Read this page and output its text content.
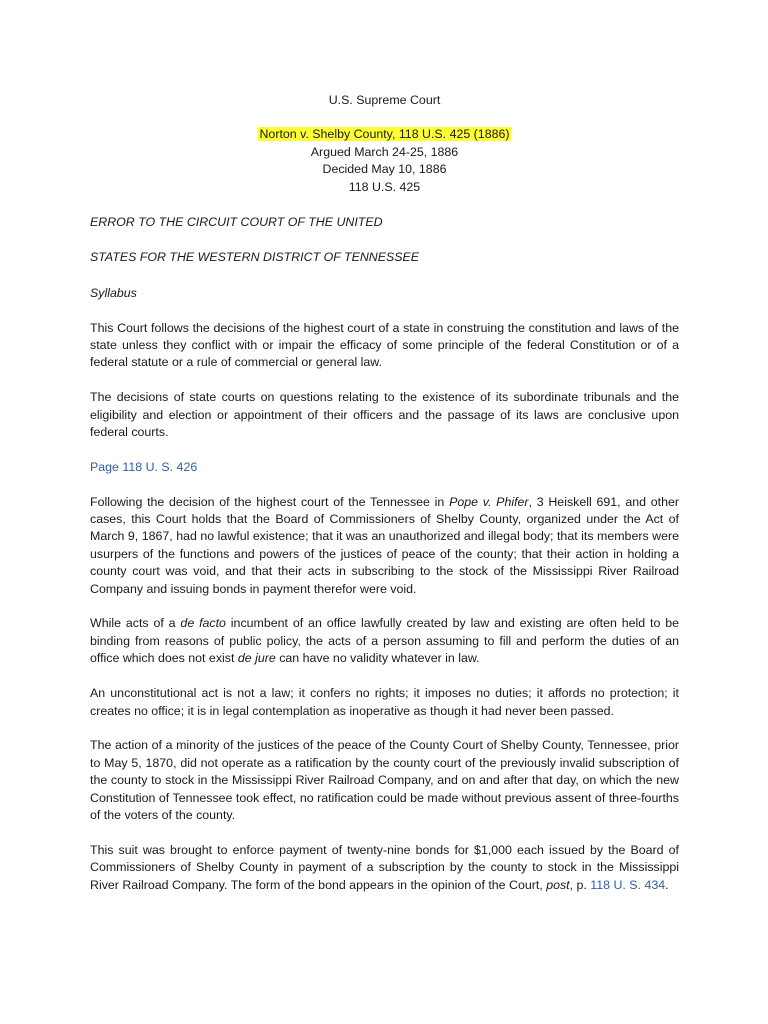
U.S. Supreme Court
Norton v. Shelby County, 118 U.S. 425 (1886)
Argued March 24-25, 1886
Decided May 10, 1886
118 U.S. 425
ERROR TO THE CIRCUIT COURT OF THE UNITED
STATES FOR THE WESTERN DISTRICT OF TENNESSEE
Syllabus

This Court follows the decisions of the highest court of a state in construing the constitution and laws of the state unless they conflict with or impair the efficacy of some principle of the federal Constitution or of a federal statute or a rule of commercial or general law.

The decisions of state courts on questions relating to the existence of its subordinate tribunals and the eligibility and election or appointment of their officers and the passage of its laws are conclusive upon federal courts.

Page 118 U. S. 426

Following the decision of the highest court of the Tennessee in Pope v. Phifer, 3 Heiskell 691, and other cases, this Court holds that the Board of Commissioners of Shelby County, organized under the Act of March 9, 1867, had no lawful existence; that it was an unauthorized and illegal body; that its members were usurpers of the functions and powers of the justices of peace of the county; that their action in holding a county court was void, and that their acts in subscribing to the stock of the Mississippi River Railroad Company and issuing bonds in payment therefor were void.

While acts of a de facto incumbent of an office lawfully created by law and existing are often held to be binding from reasons of public policy, the acts of a person assuming to fill and perform the duties of an office which does not exist de jure can have no validity whatever in law.

An unconstitutional act is not a law; it confers no rights; it imposes no duties; it affords no protection; it creates no office; it is in legal contemplation as inoperative as though it had never been passed.

The action of a minority of the justices of the peace of the County Court of Shelby County, Tennessee, prior to May 5, 1870, did not operate as a ratification by the county court of the previously invalid subscription of the county to stock in the Mississippi River Railroad Company, and on and after that day, on which the new Constitution of Tennessee took effect, no ratification could be made without previous assent of three-fourths of the voters of the county.

This suit was brought to enforce payment of twenty-nine bonds for $1,000 each issued by the Board of Commissioners of Shelby County in payment of a subscription by the county to stock in the Mississippi River Railroad Company. The form of the bond appears in the opinion of the Court, post, p. 118 U. S. 434.
